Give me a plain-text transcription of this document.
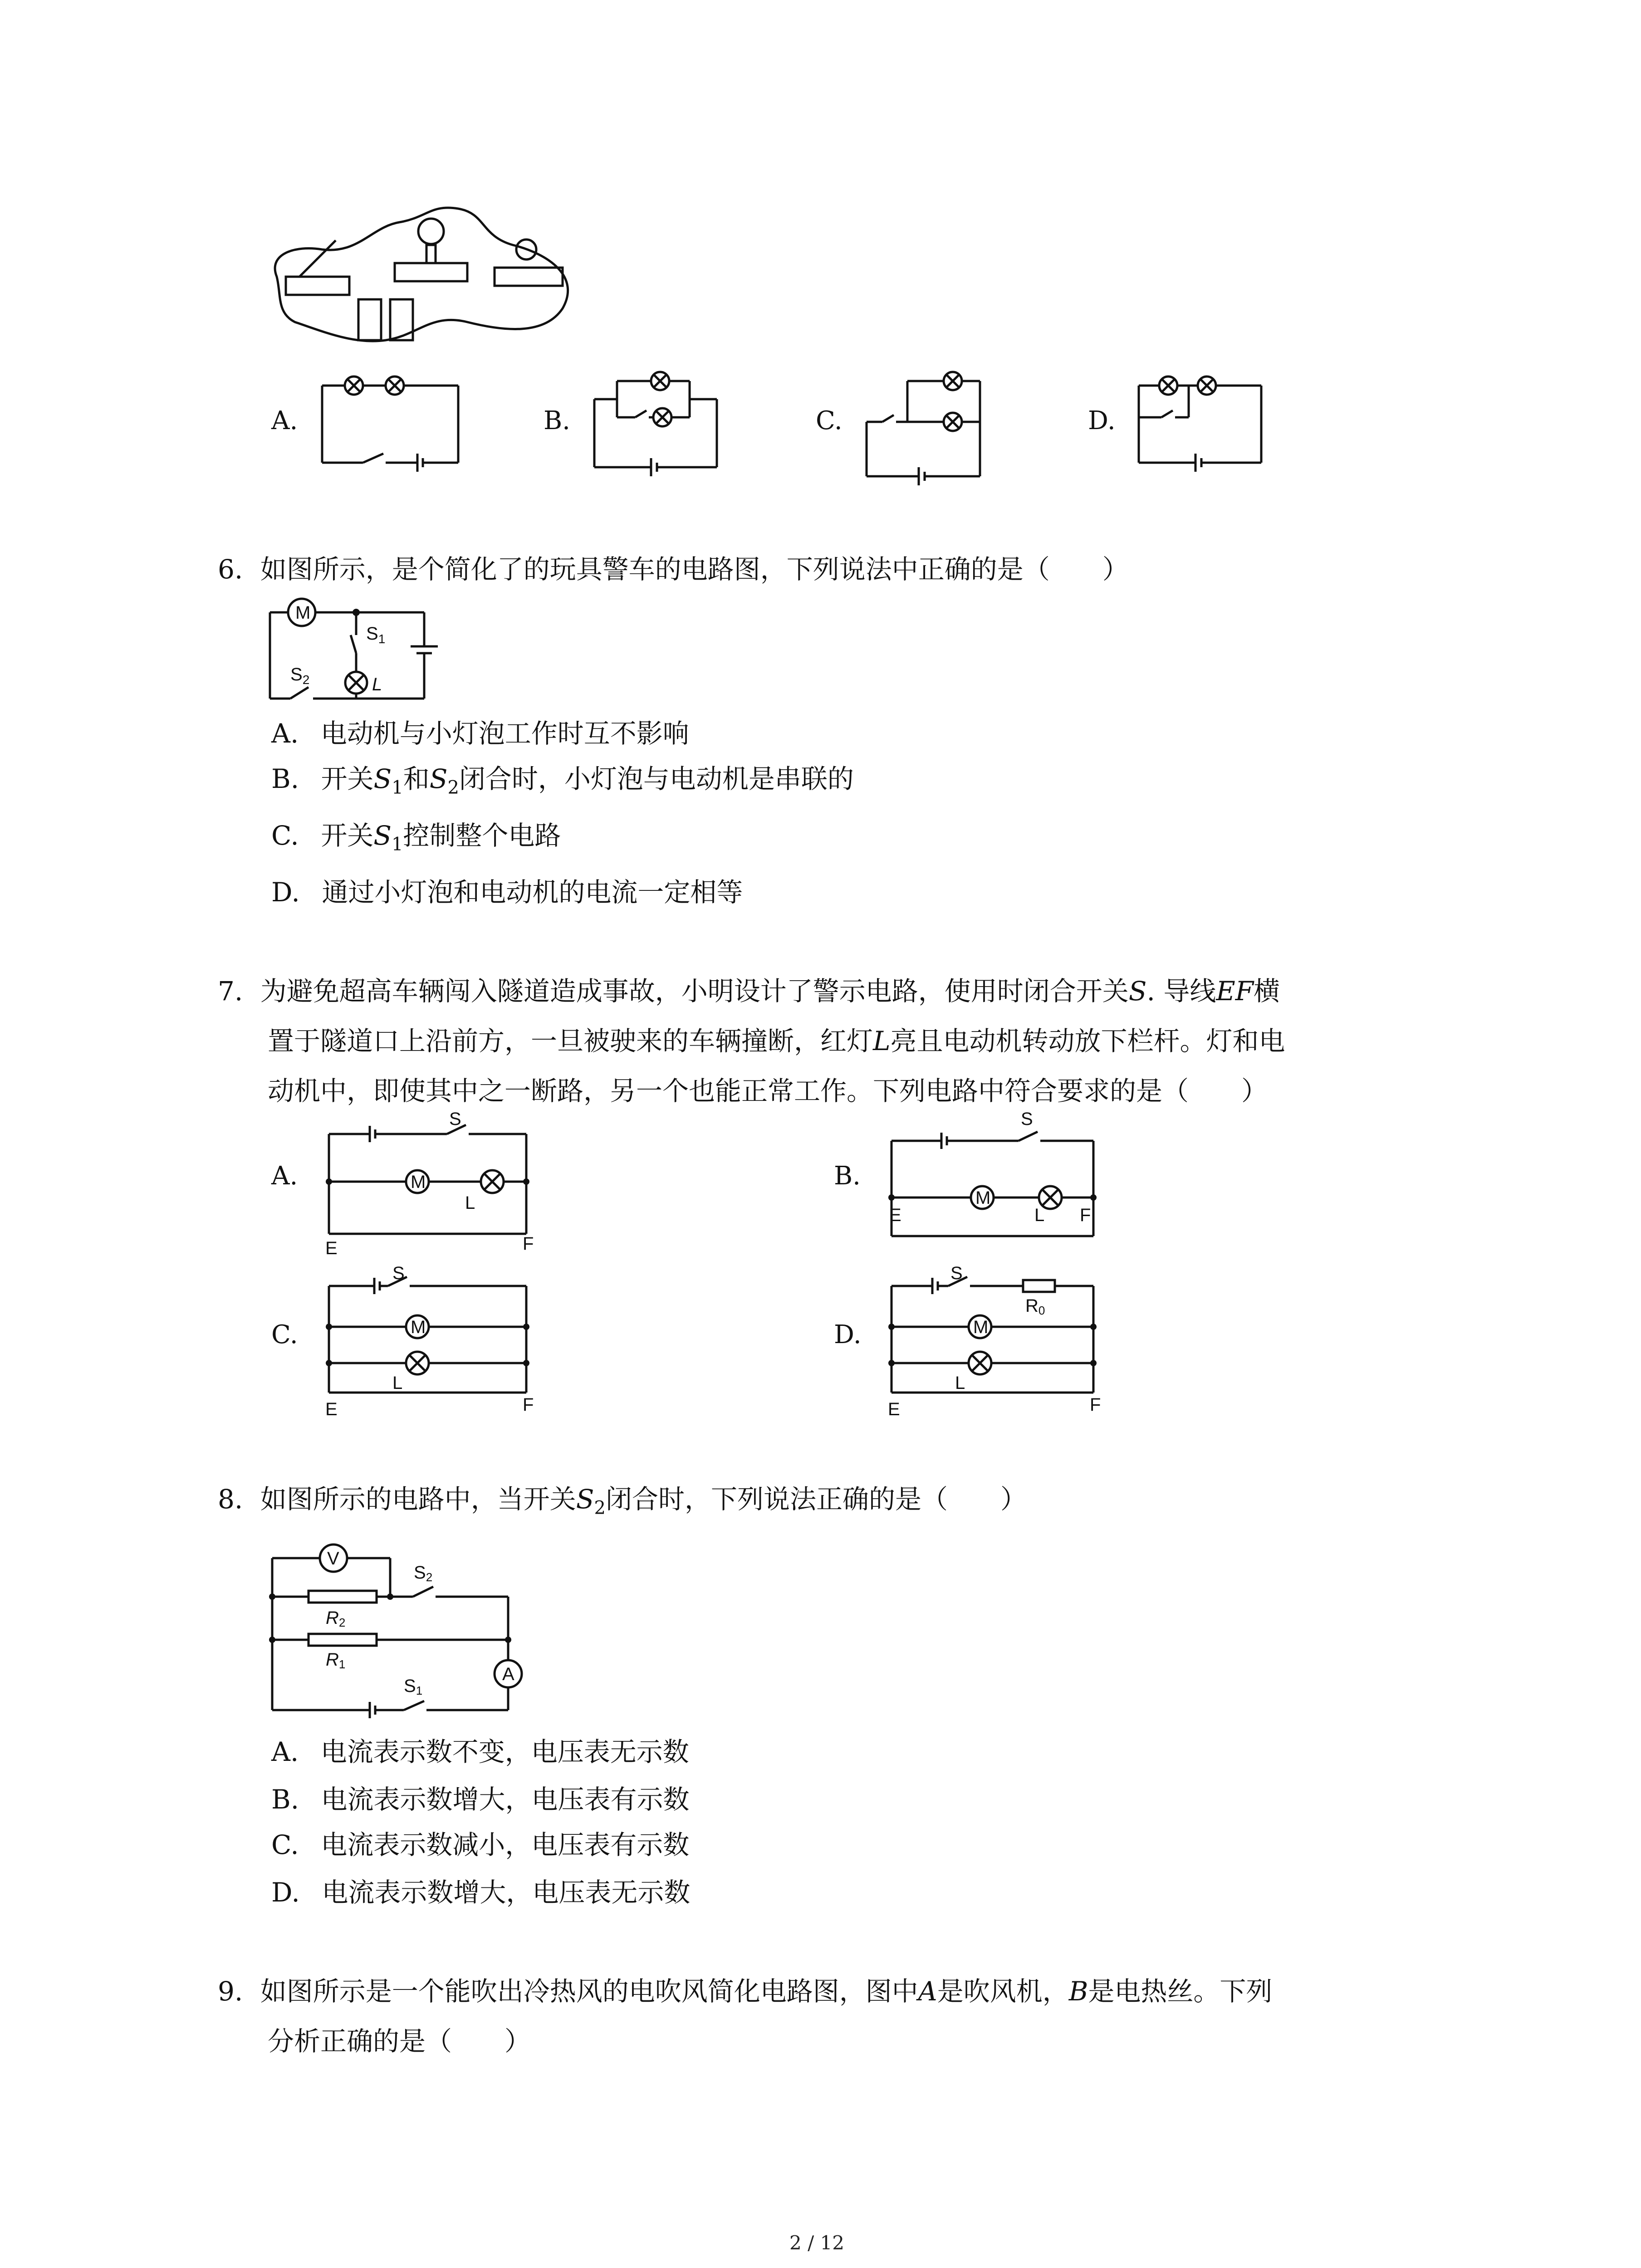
A.	B.	C.	D.
6. 如图所示，是个简化了的玩具警车的电路图，下列说法中正确的是（　　）
M
$S_1$
L
$S_2$
A. 电动机与小灯泡工作时互不影响
B. 开关$S_1$和$S_2$闭合时，小灯泡与电动机是串联的
C. 开关$S_1$控制整个电路
D. 通过小灯泡和电动机的电流一定相等
7. 为避免超高车辆闯入隧道造成事故，小明设计了警示电路，使用时闭合开关S. 导线EF横
置于隧道口上沿前方，一旦被驶来的车辆撞断，红灯L亮且电动机转动放下栏杆。灯和电
动机中，即使其中之一断路，另一个也能正常工作。下列电路中符合要求的是（　　）
A.
S
M
L
E	F
B.
S
M
L
E	F
C.
S
M
L
E	F
D.
S
R0
M
L
E	F
8. 如图所示的电路中，当开关$S_2$闭合时，下列说法正确的是（　　）
V
R2
S2
R1	A
S1
A. 电流表示数不变，电压表无示数
B. 电流表示数增大，电压表有示数
C. 电流表示数减小，电压表有示数
D. 电流表示数增大，电压表无示数
9. 如图所示是一个能吹出冷热风的电吹风简化电路图，图中A是吹风机，B是电热丝。下列
分析正确的是（　　）
2 / 12
